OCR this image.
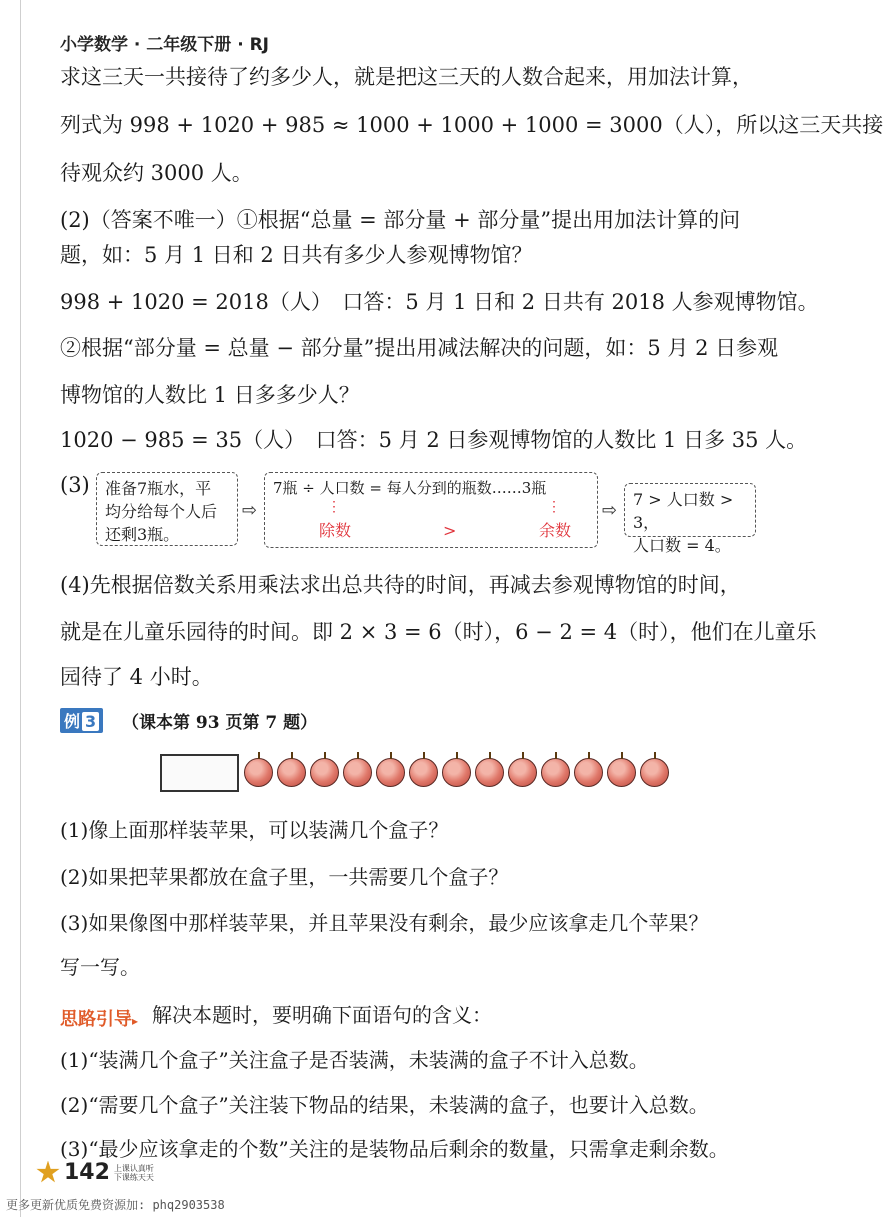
小学数学 · 二年级下册 · RJ
求这三天一共接待了约多少人，就是把这三天的人数合起来，用加法计算，
列式为 998 + 1020 + 985 ≈ 1000 + 1000 + 1000 = 3000（人），所以这三天共接
待观众约 3000 人。
(2)（答案不唯一）①根据“总量 = 部分量 + 部分量”提出用加法计算的问
题，如：5 月 1 日和 2 日共有多少人参观博物馆？
998 + 1020 = 2018（人）　口答：5 月 1 日和 2 日共有 2018 人参观博物馆。
②根据“部分量 = 总量 − 部分量”提出用减法解决的问题，如：5 月 2 日参观
博物馆的人数比 1 日多多少人？
1020 − 985 = 35（人）　口答：5 月 2 日参观博物馆的人数比 1 日多 35 人。
(3) 准备7瓶水，平
均分给每个人后
还剩3瓶。
⇨
7瓶 ÷ 人口数 = 每人分到的瓶数……3瓶
⋮	⋮
除数	>	余数
⇨
7 > 人口数 > 3，
人口数 = 4。
(4)先根据倍数关系用乘法求出总共待的时间，再减去参观博物馆的时间，
就是在儿童乐园待的时间。即 2 × 3 = 6（时），6 − 2 = 4（时），他们在儿童乐
园待了 4 小时。
例 3	（课本第 93 页第 7 题）
(1)像上面那样装苹果，可以装满几个盒子？
(2)如果把苹果都放在盒子里，一共需要几个盒子？
(3)如果像图中那样装苹果，并且苹果没有剩余，最少应该拿走几个苹果？
写一写。
思路引导▸ 解决本题时，要明确下面语句的含义：
(1)“装满几个盒子”关注盒子是否装满，未装满的盒子不计入总数。
(2)“需要几个盒子”关注装下物品的结果，未装满的盒子，也要计入总数。
(3)“最少应该拿走的个数”关注的是装物品后剩余的数量，只需拿走剩余数。
142 上课认真听
下课练天天
更多更新优质免费资源加: phq2903538
